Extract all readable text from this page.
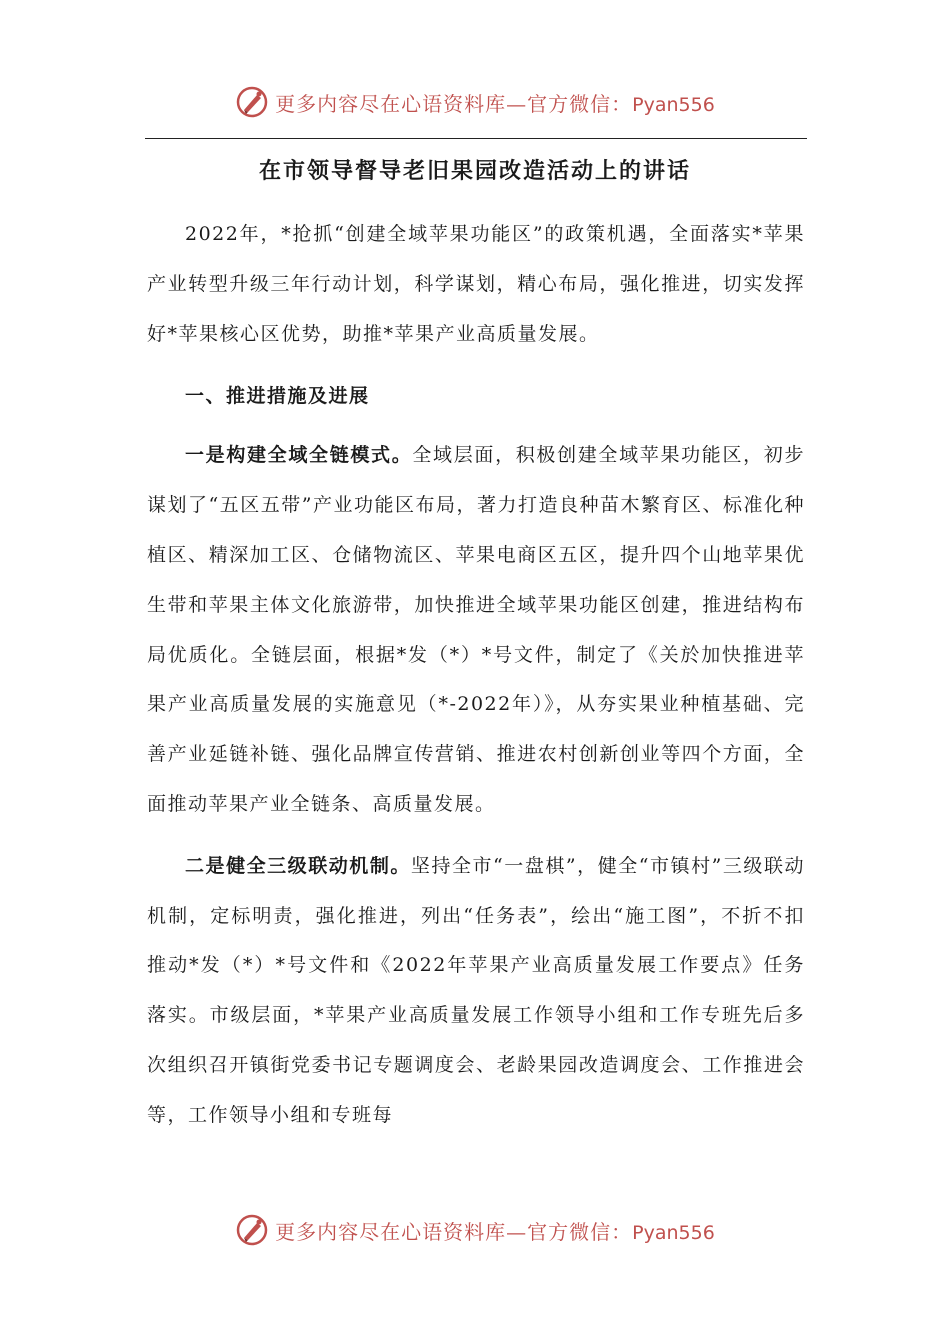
更多内容尽在心语资料库—官方微信：Pyan556
在市领导督导老旧果园改造活动上的讲话

2022年，*抢抓“创建全域苹果功能区”的政策机遇，全面落实*苹果产业转型升级三年行动计划，科学谋划，精心布局，强化推进，切实发挥好*苹果核心区优势，助推*苹果产业高质量发展。

一、推进措施及进展

一是构建全域全链模式。全域层面，积极创建全域苹果功能区，初步谋划了“五区五带”产业功能区布局，著力打造良种苗木繁育区、标准化种植区、精深加工区、仓储物流区、苹果电商区五区，提升四个山地苹果优生带和苹果主体文化旅游带，加快推进全域苹果功能区创建，推进结构布局优质化。全链层面，根据*发（*）*号文件，制定了《关於加快推进苹果产业高质量发展的实施意见（*-2022年）》，从夯实果业种植基础、完善产业延链补链、强化品牌宣传营销、推进农村创新创业等四个方面，全面推动苹果产业全链条、高质量发展。

二是健全三级联动机制。坚持全市“一盘棋”，健全“市镇村”三级联动机制，定标明责，强化推进，列出“任务表”，绘出“施工图”，不折不扣推动*发（*）*号文件和《2022年苹果产业高质量发展工作要点》任务落实。市级层面，*苹果产业高质量发展工作领导小组和工作专班先后多次组织召开镇街党委书记专题调度会、老龄果园改造调度会、工作推进会等，工作领导小组和专班每

更多内容尽在心语资料库—官方微信：Pyan556
